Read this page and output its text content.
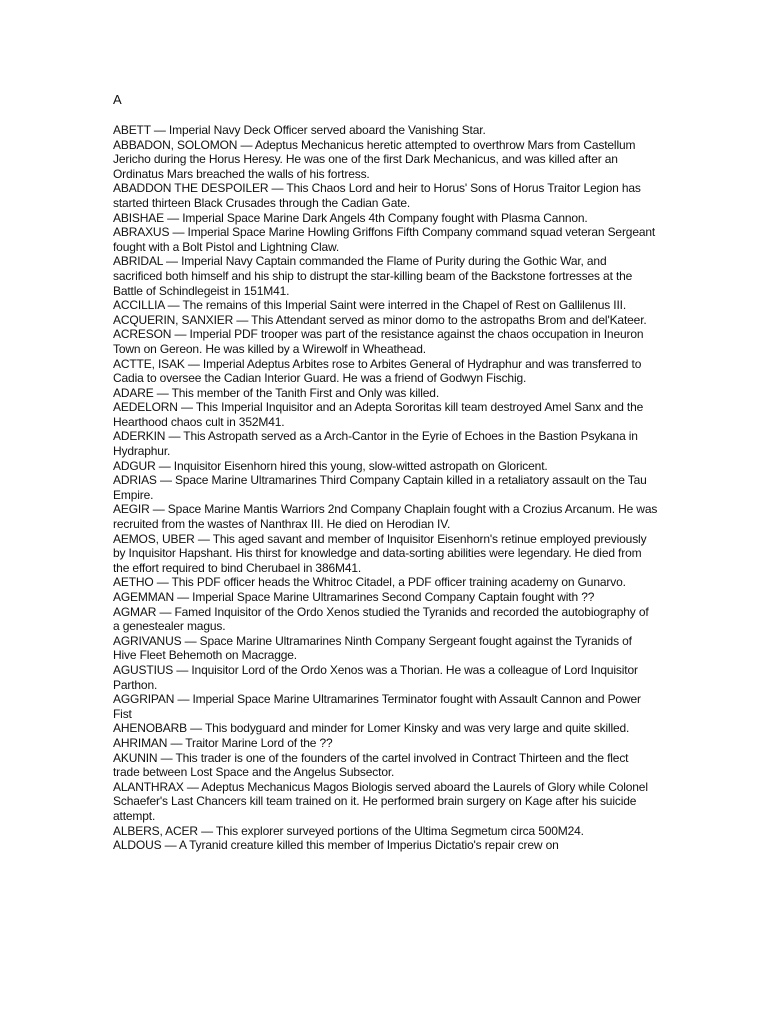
A
ABETT — Imperial Navy Deck Officer served aboard the Vanishing Star.
ABBADON, SOLOMON — Adeptus Mechanicus heretic attempted to overthrow Mars from Castellum Jericho during the Horus Heresy. He was one of the first Dark Mechanicus, and was killed after an Ordinatus Mars breached the walls of his fortress.
ABADDON THE DESPOILER — This Chaos Lord and heir to Horus' Sons of Horus Traitor Legion has started thirteen Black Crusades through the Cadian Gate.
ABISHAE — Imperial Space Marine Dark Angels 4th Company fought with Plasma Cannon.
ABRAXUS — Imperial Space Marine Howling Griffons Fifth Company command squad veteran Sergeant fought with a Bolt Pistol and Lightning Claw.
ABRIDAL — Imperial Navy Captain commanded the Flame of Purity during the Gothic War, and sacrificed both himself and his ship to distrupt the star-killing beam of the Backstone fortresses at the Battle of Schindlegeist in 151M41.
ACCILLIA — The remains of this Imperial Saint were interred in the Chapel of Rest on Gallilenus III.
ACQUERIN, SANXIER — This Attendant served as minor domo to the astropaths Brom and del'Kateer.
ACRESON — Imperial PDF trooper was part of the resistance against the chaos occupation in Ineuron Town on Gereon. He was killed by a Wirewolf in Wheathead.
ACTTE, ISAK — Imperial Adeptus Arbites rose to Arbites General of Hydraphur and was transferred to Cadia to oversee the Cadian Interior Guard. He was a friend of Godwyn Fischig.
ADARE — This member of the Tanith First and Only was killed.
AEDELORN — This Imperial Inquisitor and an Adepta Sororitas kill team destroyed Amel Sanx and the Hearthood chaos cult in 352M41.
ADERKIN — This Astropath served as a Arch-Cantor in the Eyrie of Echoes in the Bastion Psykana in Hydraphur.
ADGUR — Inquisitor Eisenhorn hired this young, slow-witted astropath on Gloricent.
ADRIAS — Space Marine Ultramarines Third Company Captain killed in a retaliatory assault on the Tau Empire.
AEGIR — Space Marine Mantis Warriors 2nd Company Chaplain fought with a Crozius Arcanum. He was recruited from the wastes of Nanthrax III. He died on Herodian IV.
AEMOS, UBER — This aged savant and member of Inquisitor Eisenhorn's retinue employed previously by Inquisitor Hapshant. His thirst for knowledge and data-sorting abilities were legendary. He died from the effort required to bind Cherubael in 386M41.
AETHO — This PDF officer heads the Whitroc Citadel, a PDF officer training academy on Gunarvo.
AGEMMAN — Imperial Space Marine Ultramarines Second Company Captain fought with ??
AGMAR — Famed Inquisitor of the Ordo Xenos studied the Tyranids and recorded the autobiography of a genestealer magus.
AGRIVANUS — Space Marine Ultramarines Ninth Company Sergeant fought against the Tyranids of Hive Fleet Behemoth on Macragge.
AGUSTIUS — Inquisitor Lord of the Ordo Xenos was a Thorian. He was a colleague of Lord Inquisitor Parthon.
AGGRIPAN — Imperial Space Marine Ultramarines Terminator fought with Assault Cannon and Power Fist
AHENOBARB — This bodyguard and minder for Lomer Kinsky and was very large and quite skilled.
AHRIMAN — Traitor Marine Lord of the ??
AKUNIN — This trader is one of the founders of the cartel involved in Contract Thirteen and the flect trade between Lost Space and the Angelus Subsector.
ALANTHRAX — Adeptus Mechanicus Magos Biologis served aboard the Laurels of Glory while Colonel Schaefer's Last Chancers kill team trained on it. He performed brain surgery on Kage after his suicide attempt.
ALBERS, ACER — This explorer surveyed portions of the Ultima Segmetum circa 500M24.
ALDOUS — A Tyranid creature killed this member of Imperius Dictatio's repair crew on
